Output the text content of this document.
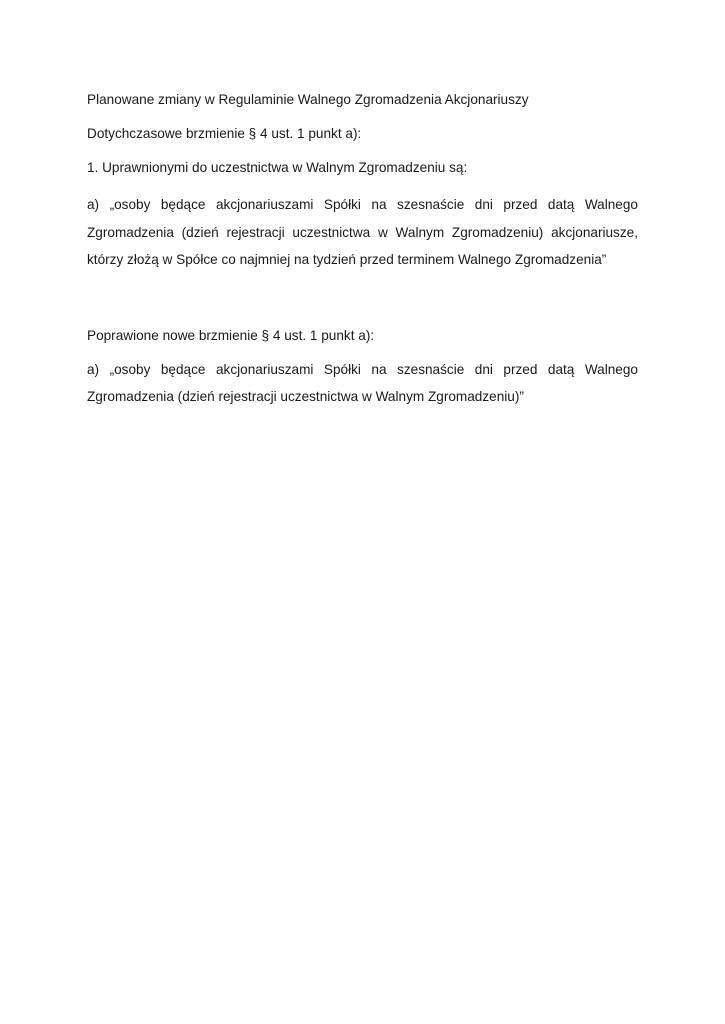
Planowane zmiany w Regulaminie Walnego Zgromadzenia Akcjonariuszy

Dotychczasowe brzmienie § 4 ust. 1 punkt a):

1. Uprawnionymi do uczestnictwa w Walnym Zgromadzeniu są:

a) „osoby będące akcjonariuszami Spółki na szesnaście dni przed datą Walnego Zgromadzenia (dzień rejestracji uczestnictwa w Walnym Zgromadzeniu) akcjonariusze, którzy złożą w Spółce co najmniej na tydzień przed terminem Walnego Zgromadzenia”

Poprawione nowe brzmienie § 4 ust. 1 punkt a):

a) „osoby będące akcjonariuszami Spółki na szesnaście dni przed datą Walnego Zgromadzenia (dzień rejestracji uczestnictwa w Walnym Zgromadzeniu)”
